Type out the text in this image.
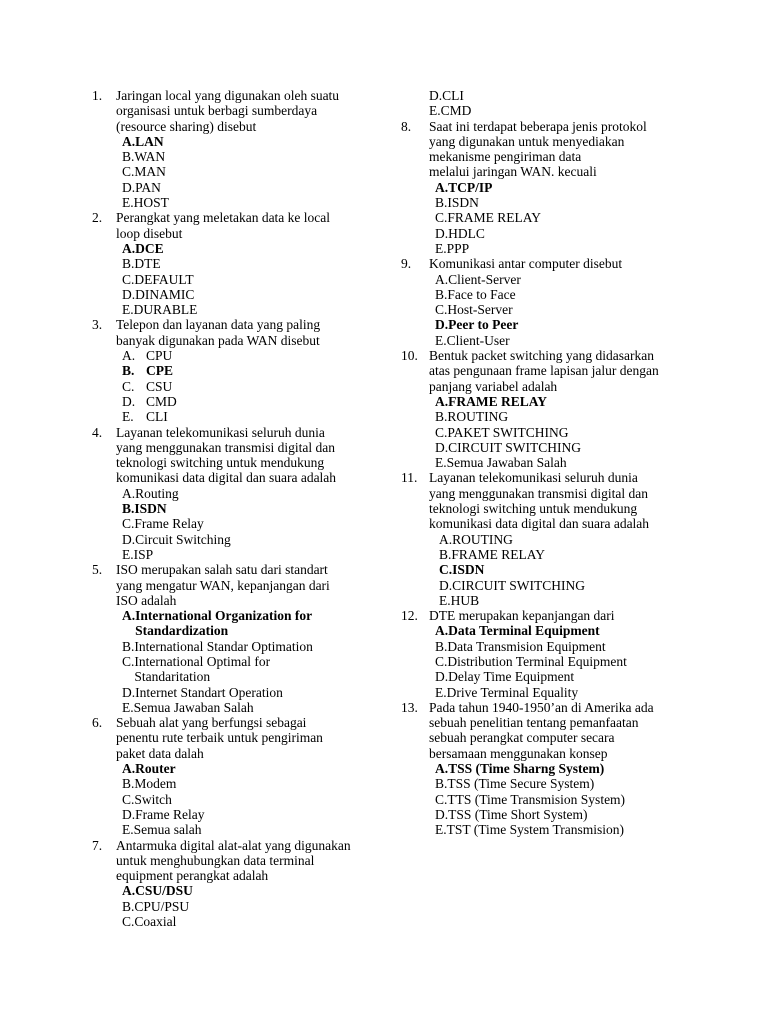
1. Jaringan local yang digunakan oleh suatu
organisasi untuk berbagi sumberdaya
(resource sharing) disebut
A. LAN
B. WAN
C. MAN
D. PAN
E. HOST
2. Perangkat yang meletakan data ke local
loop disebut
A. DCE
B. DTE
C. DEFAULT
D. DINAMIC
E. DURABLE
3. Telepon dan layanan data yang paling
banyak digunakan pada WAN disebut
A. CPU
B. CPE
C. CSU
D. CMD
E. CLI
4. Layanan telekomunikasi seluruh dunia
yang menggunakan transmisi digital dan
teknologi switching untuk mendukung
komunikasi data digital dan suara adalah
A. Routing
B. ISDN
C. Frame Relay
D. Circuit Switching
E. ISP
5. ISO merupakan salah satu dari standart
yang mengatur WAN, kepanjangan dari
ISO adalah
A. International Organization for
Standardization
B. International Standar Optimation
C. International Optimal for
Standaritation
D. Internet Standart Operation
E. Semua Jawaban Salah
6. Sebuah alat yang berfungsi sebagai
penentu rute terbaik untuk pengiriman
paket data dalah
A. Router
B. Modem
C. Switch
D. Frame Relay
E. Semua salah
7. Antarmuka digital alat-alat yang digunakan
untuk menghubungkan data terminal
equipment perangkat adalah
A. CSU/DSU
B. CPU/PSU
C. Coaxial
D. CLI
E. CMD
8. Saat ini terdapat beberapa jenis protokol
yang digunakan untuk menyediakan
mekanisme pengiriman data
melalui jaringan WAN. kecuali
A. TCP/IP
B. ISDN
C. FRAME RELAY
D. HDLC
E. PPP
9. Komunikasi antar computer disebut
A. Client-Server
B. Face to Face
C. Host-Server
D. Peer to Peer
E. Client-User
10. Bentuk packet switching yang didasarkan
atas pengunaan frame lapisan jalur dengan
panjang variabel adalah
A. FRAME RELAY
B. ROUTING
C. PAKET SWITCHING
D. CIRCUIT SWITCHING
E. Semua Jawaban Salah
11. Layanan telekomunikasi seluruh dunia
yang menggunakan transmisi digital dan
teknologi switching untuk mendukung
komunikasi data digital dan suara adalah
A. ROUTING
B. FRAME RELAY
C. ISDN
D. CIRCUIT SWITCHING
E. HUB
12. DTE merupakan kepanjangan dari
A. Data Terminal Equipment
B. Data Transmision Equipment
C. Distribution Terminal Equipment
D. Delay Time Equipment
E. Drive Terminal Equality
13. Pada tahun 1940-1950’an di Amerika ada
sebuah penelitian tentang pemanfaatan
sebuah perangkat computer secara
bersamaan menggunakan konsep
A. TSS (Time Sharng System)
B. TSS (Time Secure System)
C. TTS (Time Transmision System)
D. TSS (Time Short System)
E. TST (Time System Transmision)
